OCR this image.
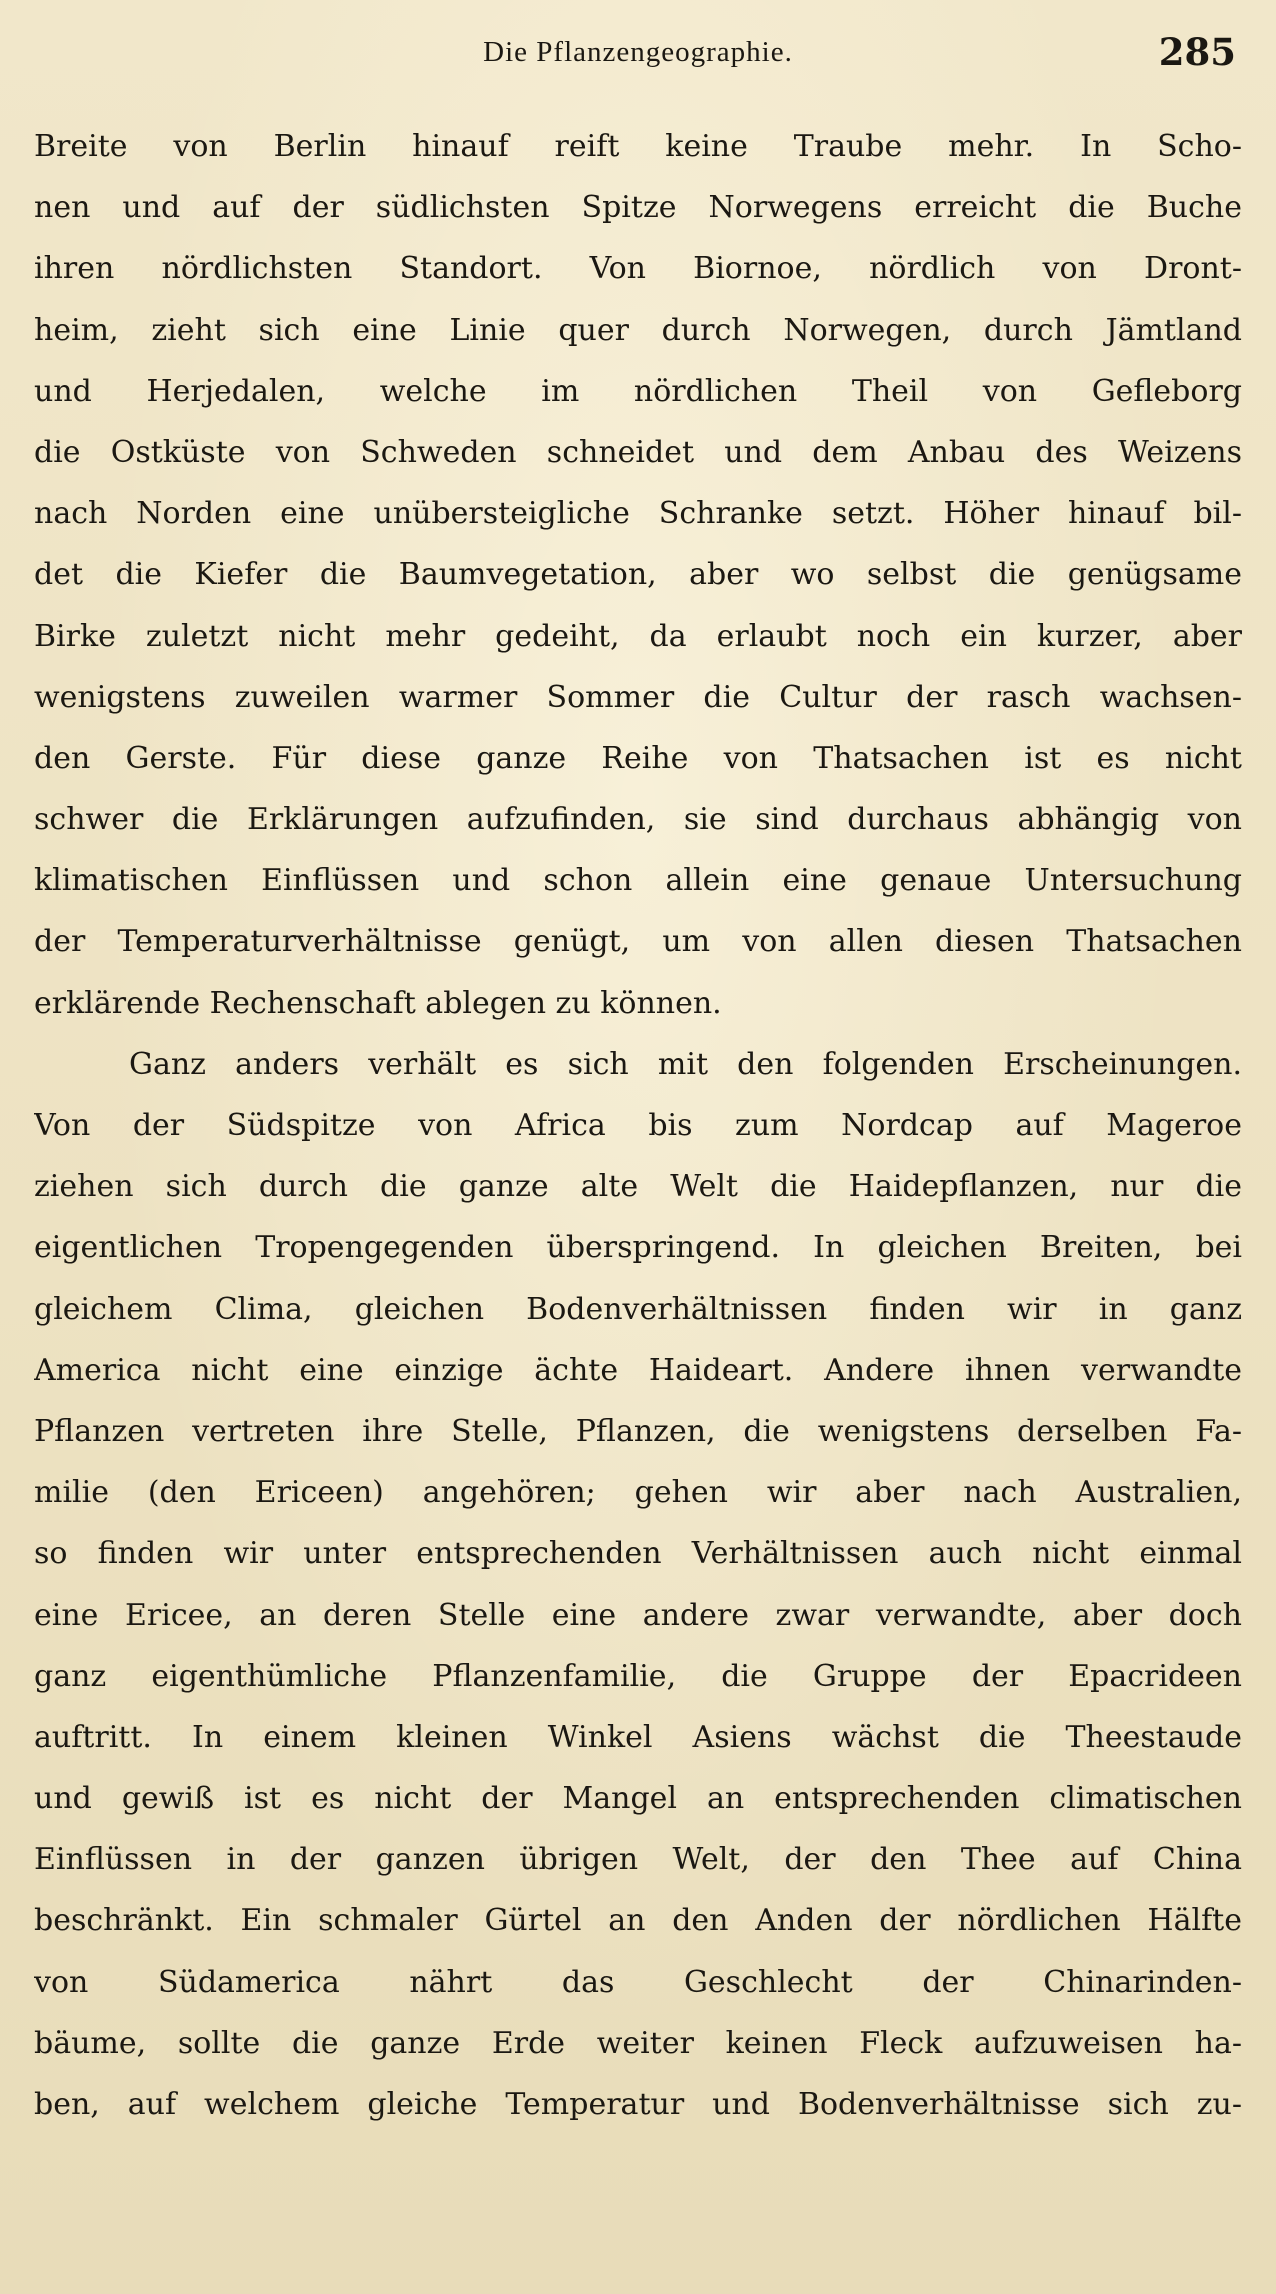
Die Pflanzengeographie.	285
Breite von Berlin hinauf reift keine Traube mehr. In Scho-
nen und auf der südlichsten Spitze Norwegens erreicht die Buche
ihren nördlichsten Standort. Von Biornoe, nördlich von Dront-
heim, zieht sich eine Linie quer durch Norwegen, durch Jämtland
und Herjedalen, welche im nördlichen Theil von Gefleborg
die Ostküste von Schweden schneidet und dem Anbau des Weizens
nach Norden eine unübersteigliche Schranke setzt. Höher hinauf bil-
det die Kiefer die Baumvegetation, aber wo selbst die genügsame
Birke zuletzt nicht mehr gedeiht, da erlaubt noch ein kurzer, aber
wenigstens zuweilen warmer Sommer die Cultur der rasch wachsen-
den Gerste. Für diese ganze Reihe von Thatsachen ist es nicht
schwer die Erklärungen aufzufinden, sie sind durchaus abhängig von
klimatischen Einflüssen und schon allein eine genaue Untersuchung
der Temperaturverhältnisse genügt, um von allen diesen Thatsachen
erklärende Rechenschaft ablegen zu können.
Ganz anders verhält es sich mit den folgenden Erscheinungen.
Von der Südspitze von Africa bis zum Nordcap auf Mageroe
ziehen sich durch die ganze alte Welt die Haidepflanzen, nur die
eigentlichen Tropengegenden überspringend. In gleichen Breiten, bei
gleichem Clima, gleichen Bodenverhältnissen finden wir in ganz
America nicht eine einzige ächte Haideart. Andere ihnen verwandte
Pflanzen vertreten ihre Stelle, Pflanzen, die wenigstens derselben Fa-
milie (den Ericeen) angehören; gehen wir aber nach Australien,
so finden wir unter entsprechenden Verhältnissen auch nicht einmal
eine Ericee, an deren Stelle eine andere zwar verwandte, aber doch
ganz eigenthümliche Pflanzenfamilie, die Gruppe der Epacrideen
auftritt. In einem kleinen Winkel Asiens wächst die Theestaude
und gewiß ist es nicht der Mangel an entsprechenden climatischen
Einflüssen in der ganzen übrigen Welt, der den Thee auf China
beschränkt. Ein schmaler Gürtel an den Anden der nördlichen Hälfte
von Südamerica nährt das Geschlecht der Chinarinden-
bäume, sollte die ganze Erde weiter keinen Fleck aufzuweisen ha-
ben, auf welchem gleiche Temperatur und Bodenverhältnisse sich zu-
